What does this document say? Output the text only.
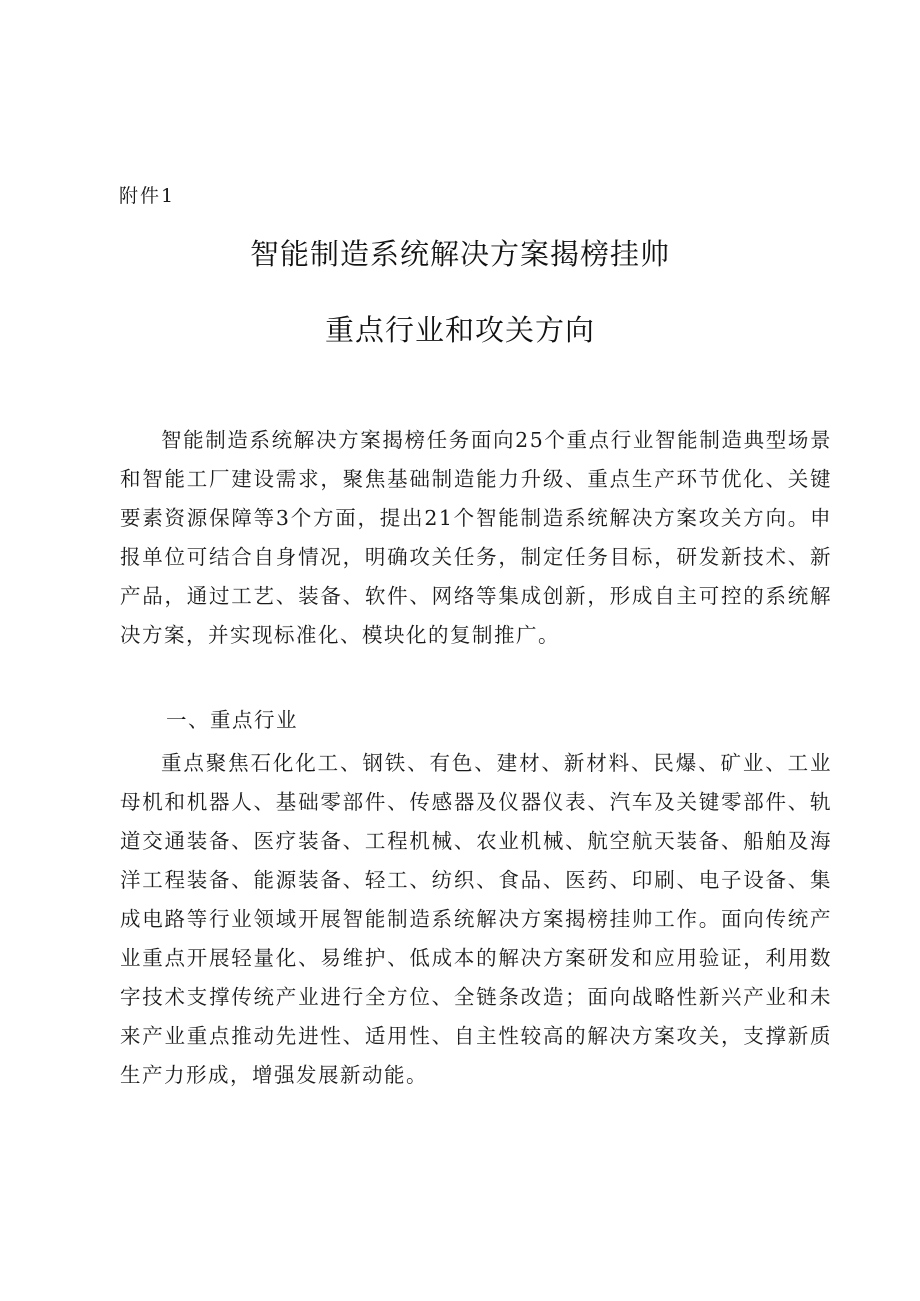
附件1
智能制造系统解决方案揭榜挂帅
重点行业和攻关方向

智能制造系统解决方案揭榜任务面向25个重点行业智能制造典型场景和智能工厂建设需求，聚焦基础制造能力升级、重点生产环节优化、关键要素资源保障等3个方面，提出21个智能制造系统解决方案攻关方向。申报单位可结合自身情况，明确攻关任务，制定任务目标，研发新技术、新产品，通过工艺、装备、软件、网络等集成创新，形成自主可控的系统解决方案，并实现标准化、模块化的复制推广。

一、重点行业

重点聚焦石化化工、钢铁、有色、建材、新材料、民爆、矿业、工业母机和机器人、基础零部件、传感器及仪器仪表、汽车及关键零部件、轨道交通装备、医疗装备、工程机械、农业机械、航空航天装备、船舶及海洋工程装备、能源装备、轻工、纺织、食品、医药、印刷、电子设备、集成电路等行业领域开展智能制造系统解决方案揭榜挂帅工作。面向传统产业重点开展轻量化、易维护、低成本的解决方案研发和应用验证，利用数字技术支撑传统产业进行全方位、全链条改造；面向战略性新兴产业和未来产业重点推动先进性、适用性、自主性较高的解决方案攻关，支撑新质生产力形成，增强发展新动能。
